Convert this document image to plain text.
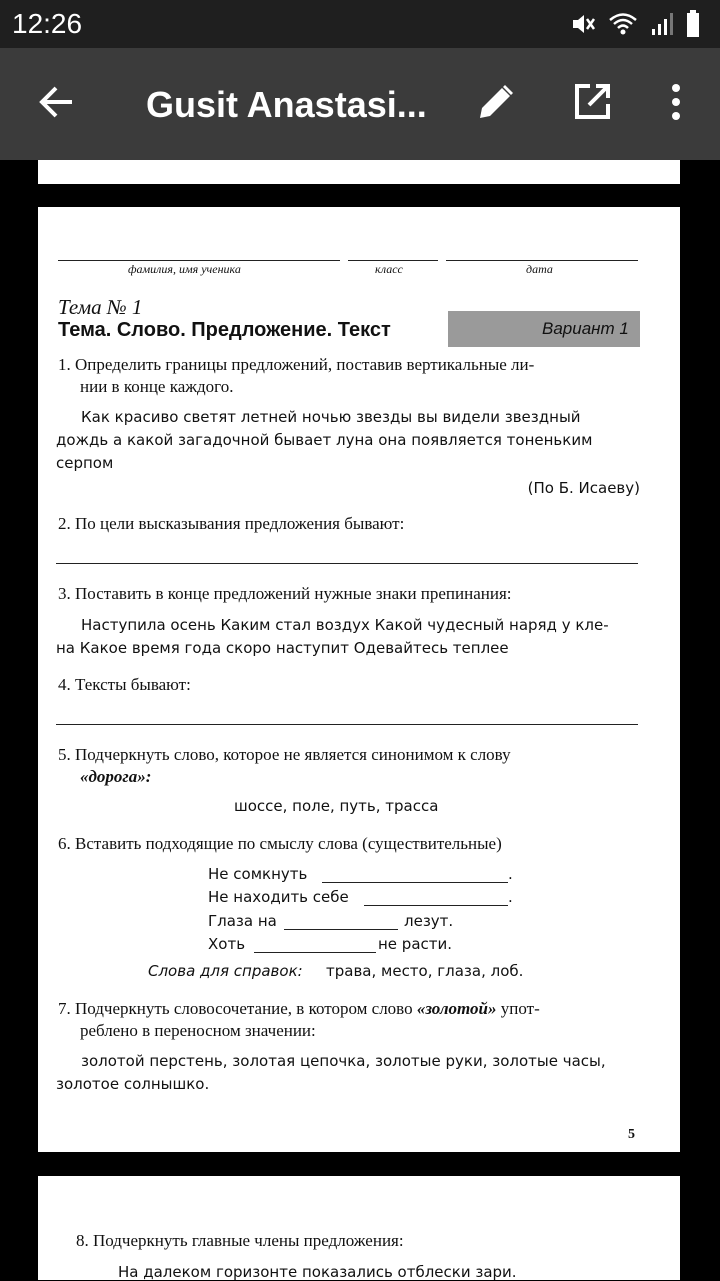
12:26
Gusit Anastasi...
фамилия, имя ученика	класс	дата
Тема № 1
Тема. Слово. Предложение. Текст	Вариант 1
1. Определить границы предложений, поставив вертикальные ли-
нии в конце каждого.
Как красиво светят летней ночью звезды вы видели звездный
дождь а какой загадочной бывает луна она появляется тоненьким
серпом
(По Б. Исаеву)
2. По цели высказывания предложения бывают:
3. Поставить в конце предложений нужные знаки препинания:
Наступила осень Каким стал воздух Какой чудесный наряд у кле-
на Какое время года скоро наступит Одевайтесь теплее
4. Тексты бывают:
5. Подчеркнуть слово, которое не является синонимом к слову
«дорога»:
шоссе, поле, путь, трасса
6. Вставить подходящие по смыслу слова (существительные)
Не сомкнуть	.
Не находить себе	.
Глаза на	лезут.
Хоть	не расти.
Слова для справок: трава, место, глаза, лоб.
7. Подчеркнуть словосочетание, в котором слово «золотой» упот-
реблено в переносном значении:
золотой перстень, золотая цепочка, золотые руки, золотые часы,
золотое солнышко.
5
8. Подчеркнуть главные члены предложения:
На далеком горизонте показались отблески зари.
